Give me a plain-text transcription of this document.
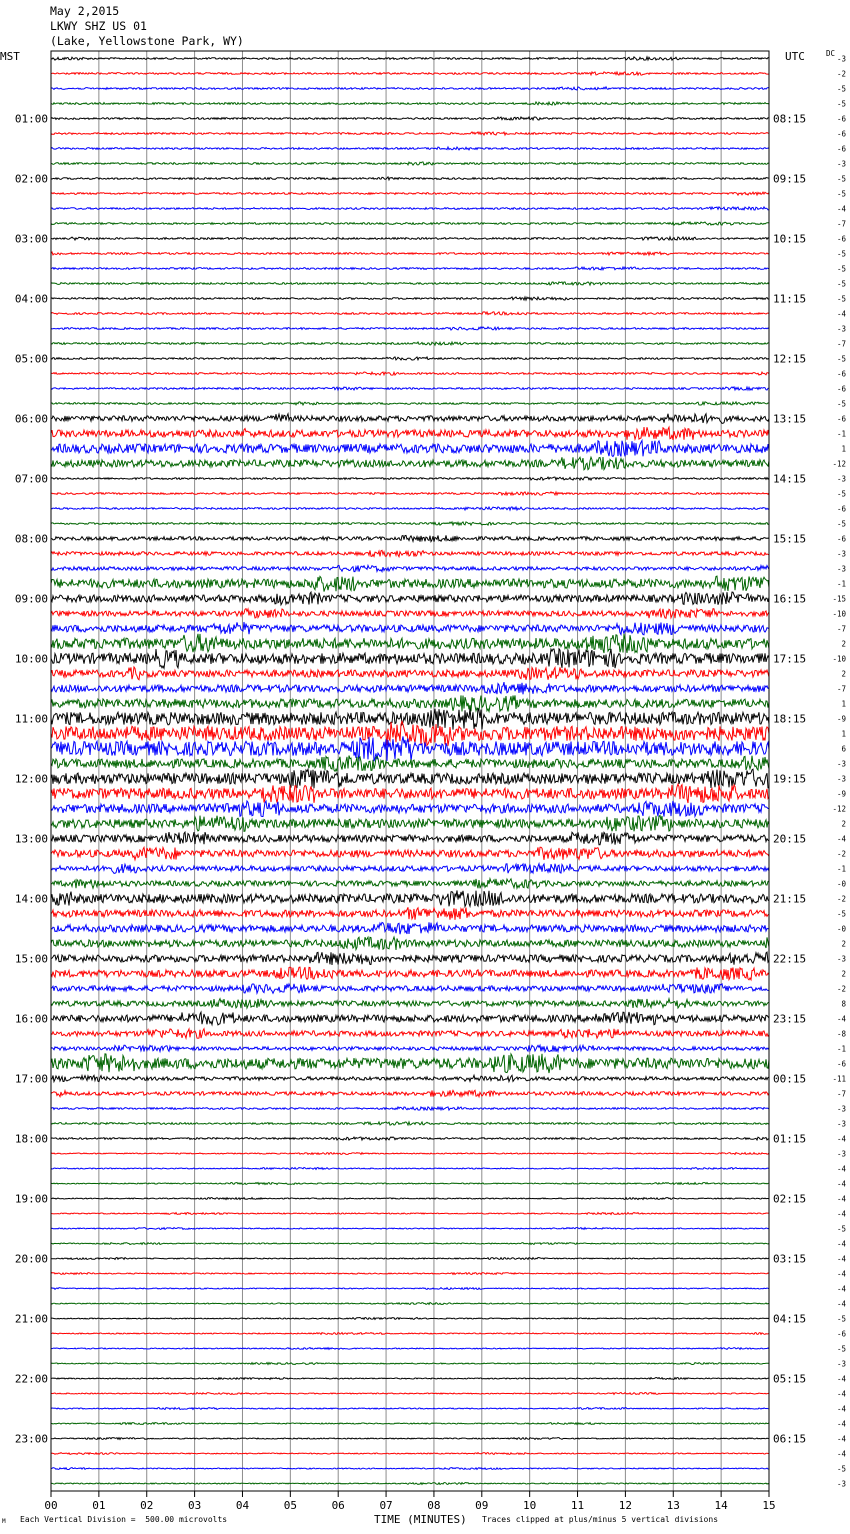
May 2,2015
LKWY SHZ US 01
(Lake, Yellowstone Park, WY)
00	01	02	03	04	05	06	07	08	09	10	11	12	13	14	15
-3
-2
-5
-5
-6
-6
-6
-3
-5
-5
-4
-7
-6
-5
-5
-5
-5
-4
-3
-7
-5
-6
-6
-5
-6
-1
1
-12
-3
-5
-6
-5
-6
-3
-3
-1
-15
-10
-7
2
-10
2
-7
1
-9
1
6
-3
-3
-9
-12
2
-4
-2
-1
-0
-2
-5
-0
2
-3
2
-2
8
-4
-8
-1
-6
-11
-7
-3
-3
-4
-3
-4
-4
-4
-4
-5
-4
-4
-4
-4
-4
-5
-6
-5
-3
-4
-4
-4
-4
-4
-4
-5
-3
01:00	08:15
02:00	09:15
03:00	10:15
04:00	11:15
05:00	12:15
06:00	13:15
07:00	14:15
08:00	15:15
09:00	16:15
10:00	17:15
11:00	18:15
12:00	19:15
13:00	20:15
14:00	21:15
15:00	22:15
16:00	23:15
17:00	00:15
18:00	01:15
19:00	02:15
20:00	03:15
21:00	04:15
22:00	05:15
23:00	06:15
MST	UTC	DC
TIME (MINUTES)
Each Vertical Division =  500.00 microvolts	Traces clipped at plus/minus 5 vertical divisions
M
